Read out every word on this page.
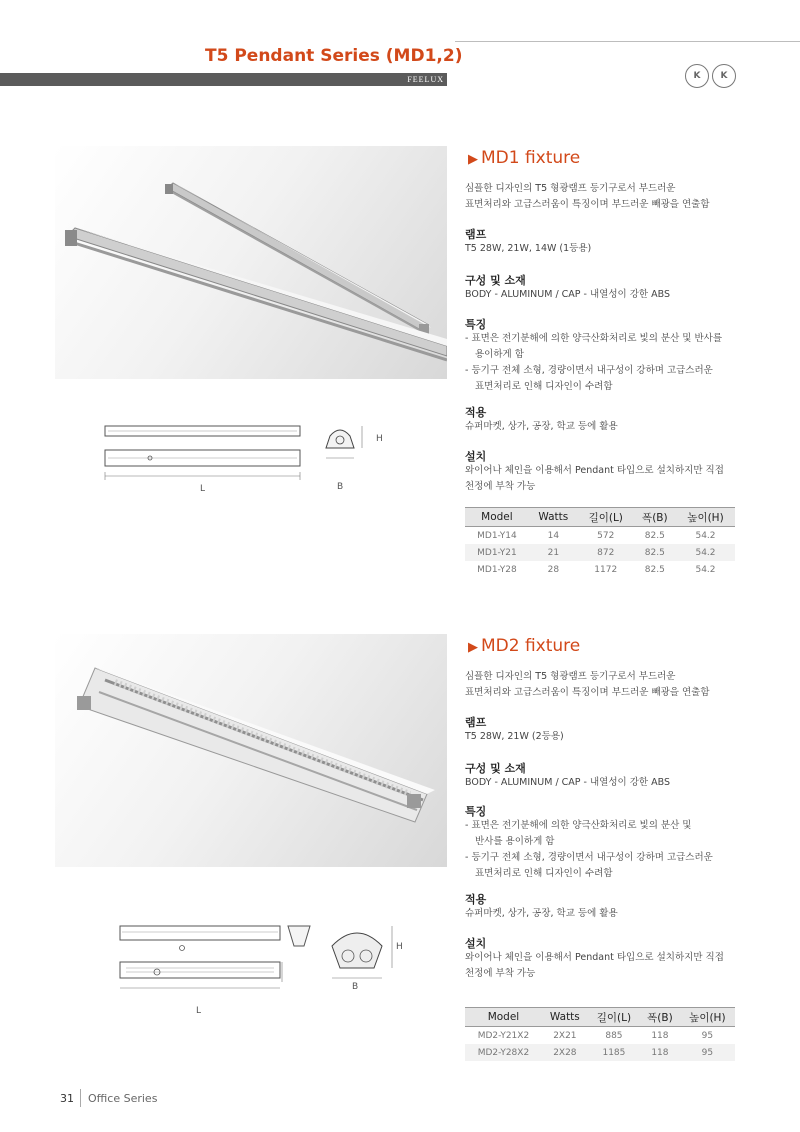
T5 Pendant Series (MD1,2)
FEELUX	K	K
L	B
H
▶ MD1 fixture
심플한 디자인의 T5 형광램프 등기구로서 부드러운
표면처리와 고급스러움이 특징이며 부드러운 빼광을 연출함
램프
T5 28W, 21W, 14W (1등용)
구성 및 소재
BODY - ALUMINUM / CAP - 내열성이 강한 ABS
특징
- 표면은 전기분해에 의한 양극산화처리로 빛의 분산 및 반사를
용이하게 함
- 등기구 전체 소형, 경량이면서 내구성이 강하며 고급스러운
표면처리로 인해 디자인이 수려함
적용
슈퍼마켓, 상가, 공장, 학교 등에 활용
설치
와이어나 체인을 이용해서 Pendant 타입으로 설치하지만 직접
천정에 부착 가능
Model	Watts	길이(L)	폭(B)	높이(H)
MD1-Y14	14	572	82.5	54.2
MD1-Y21	21	872	82.5	54.2
MD1-Y28	28	1172	82.5	54.2
L
B
H
▶ MD2 fixture
심플한 디자인의 T5 형광램프 등기구로서 부드러운
표면처리와 고급스러움이 특징이며 부드러운 빼광을 연출함
램프
T5 28W, 21W (2등용)
구성 및 소재
BODY - ALUMINUM / CAP - 내열성이 강한 ABS
특징
- 표면은 전기분해에 의한 양극산화처리로 빛의 분산 및
반사를 용이하게 함
- 등기구 전체 소형, 경량이면서 내구성이 강하며 고급스러운
표면처리로 인해 디자인이 수려함
적용
슈퍼마켓, 상가, 공장, 학교 등에 활용
설치
와이어나 체인을 이용해서 Pendant 타입으로 설치하지만 직접
천정에 부착 가능
Model	Watts	길이(L)	폭(B)	높이(H)
MD2-Y21X2	2X21	885	118	95
MD2-Y28X2	2X28	1185	118	95
31 Office Series
